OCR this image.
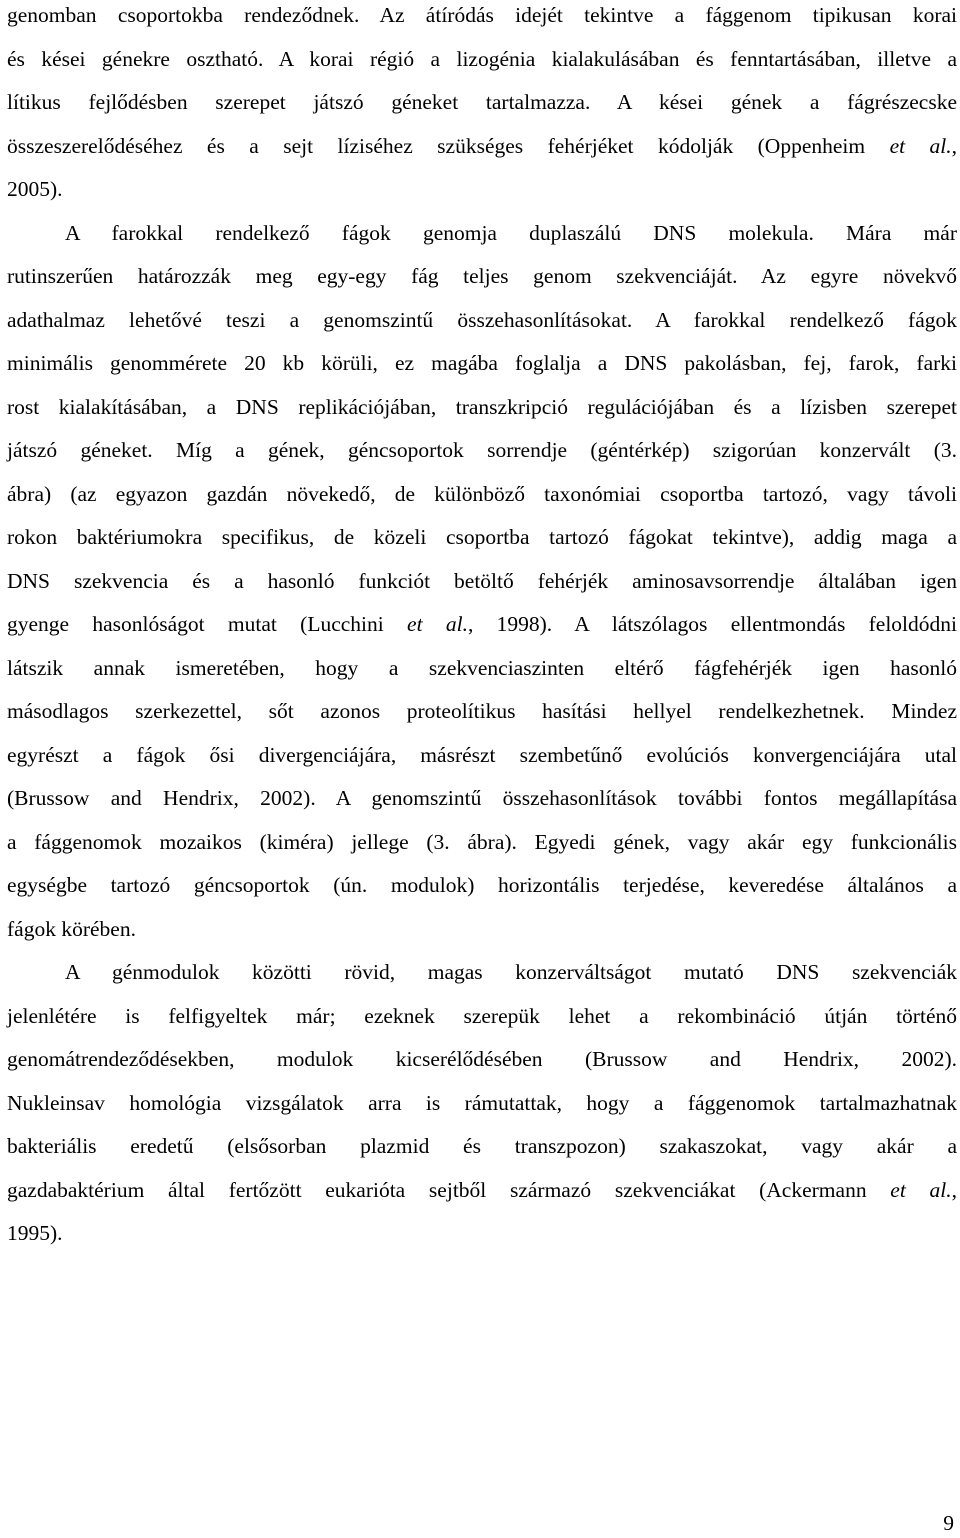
genomban csoportokba rendeződnek. Az átíródás idejét tekintve a fággenom tipikusan korai
és kései génekre osztható. A korai régió a lizogénia kialakulásában és fenntartásában, illetve a
lítikus fejlődésben szerepet játszó géneket tartalmazza. A kései gének a fágrészecske
összeszerelődéséhez és a sejt líziséhez szükséges fehérjéket kódolják (Oppenheim et al.,
2005).
A farokkal rendelkező fágok genomja duplaszálú DNS molekula. Mára már
rutinszerűen határozzák meg egy-egy fág teljes genom szekvenciáját. Az egyre növekvő
adathalmaz lehetővé teszi a genomszintű összehasonlításokat. A farokkal rendelkező fágok
minimális genommérete 20 kb körüli, ez magába foglalja a DNS pakolásban, fej, farok, farki
rost kialakításában, a DNS replikációjában, transzkripció regulációjában és a lízisben szerepet
játszó géneket. Míg a gének, géncsoportok sorrendje (géntérkép) szigorúan konzervált (3.
ábra) (az egyazon gazdán növekedő, de különböző taxonómiai csoportba tartozó, vagy távoli
rokon baktériumokra specifikus, de közeli csoportba tartozó fágokat tekintve), addig maga a
DNS szekvencia és a hasonló funkciót betöltő fehérjék aminosavsorrendje általában igen
gyenge hasonlóságot mutat (Lucchini et al., 1998). A látszólagos ellentmondás feloldódni
látszik annak ismeretében, hogy a szekvenciaszinten eltérő fágfehérjék igen hasonló
másodlagos szerkezettel, sőt azonos proteolítikus hasítási hellyel rendelkezhetnek. Mindez
egyrészt a fágok ősi divergenciájára, másrészt szembetűnő evolúciós konvergenciájára utal
(Brussow and Hendrix, 2002). A genomszintű összehasonlítások további fontos megállapítása
a fággenomok mozaikos (kiméra) jellege (3. ábra). Egyedi gének, vagy akár egy funkcionális
egységbe tartozó géncsoportok (ún. modulok) horizontális terjedése, keveredése általános a
fágok körében.
A génmodulok közötti rövid, magas konzerváltságot mutató DNS szekvenciák
jelenlétére is felfigyeltek már; ezeknek szerepük lehet a rekombináció útján történő
genomátrendeződésekben, modulok kicserélődésében (Brussow and Hendrix, 2002).
Nukleinsav homológia vizsgálatok arra is rámutattak, hogy a fággenomok tartalmazhatnak
bakteriális eredetű (elsősorban plazmid és transzpozon) szakaszokat, vagy akár a
gazdabaktérium által fertőzött eukarióta sejtből származó szekvenciákat (Ackermann et al.,
1995).
9
